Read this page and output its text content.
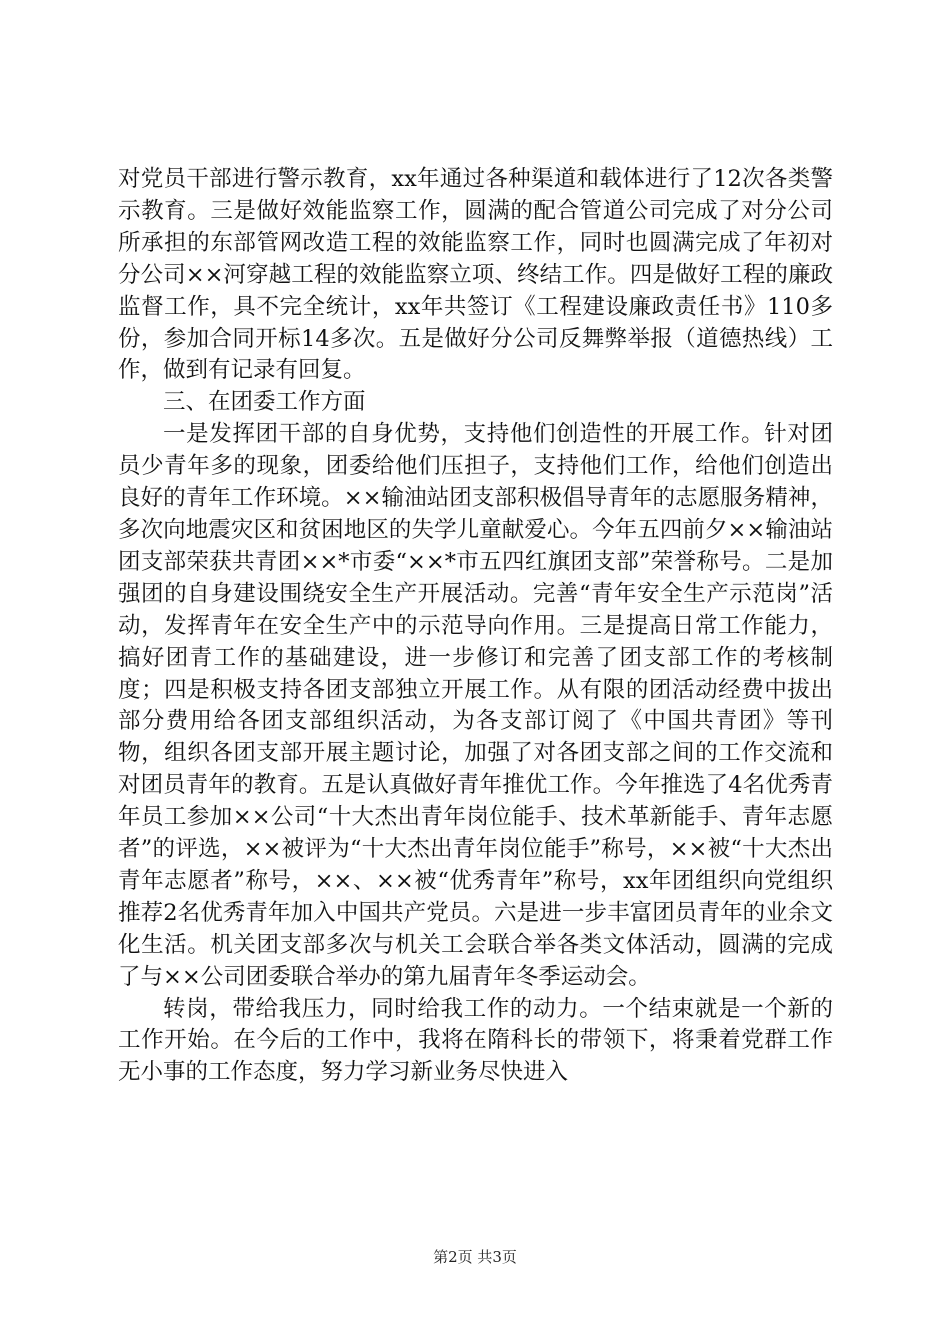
对党员干部进行警示教育，xx年通过各种渠道和载体进行了12次各类警示教育。三是做好效能监察工作，圆满的配合管道公司完成了对分公司所承担的东部管网改造工程的效能监察工作，同时也圆满完成了年初对分公司××河穿越工程的效能监察立项、终结工作。四是做好工程的廉政监督工作，具不完全统计，xx年共签订《工程建设廉政责任书》110多份，参加合同开标14多次。五是做好分公司反舞弊举报（道德热线）工作，做到有记录有回复。

三、在团委工作方面

一是发挥团干部的自身优势，支持他们创造性的开展工作。针对团员少青年多的现象，团委给他们压担子，支持他们工作，给他们创造出良好的青年工作环境。××输油站团支部积极倡导青年的志愿服务精神，多次向地震灾区和贫困地区的失学儿童献爱心。今年五四前夕××输油站团支部荣获共青团××*市委“××*市五四红旗团支部”荣誉称号。二是加强团的自身建设围绕安全生产开展活动。完善“青年安全生产示范岗”活动，发挥青年在安全生产中的示范导向作用。三是提高日常工作能力，搞好团青工作的基础建设，进一步修订和完善了团支部工作的考核制度；四是积极支持各团支部独立开展工作。从有限的团活动经费中拔出部分费用给各团支部组织活动，为各支部订阅了《中国共青团》等刊物，组织各团支部开展主题讨论，加强了对各团支部之间的工作交流和对团员青年的教育。五是认真做好青年推优工作。今年推选了4名优秀青年员工参加××公司“十大杰出青年岗位能手、技术革新能手、青年志愿者”的评选，××被评为“十大杰出青年岗位能手”称号，××被“十大杰出青年志愿者”称号，××、××被“优秀青年”称号，xx年团组织向党组织推荐2名优秀青年加入中国共产党员。六是进一步丰富团员青年的业余文化生活。机关团支部多次与机关工会联合举各类文体活动，圆满的完成了与××公司团委联合举办的第九届青年冬季运动会。

转岗，带给我压力，同时给我工作的动力。一个结束就是一个新的工作开始。在今后的工作中，我将在隋科长的带领下，将秉着党群工作无小事的工作态度，努力学习新业务尽快进入

第2页 共3页
